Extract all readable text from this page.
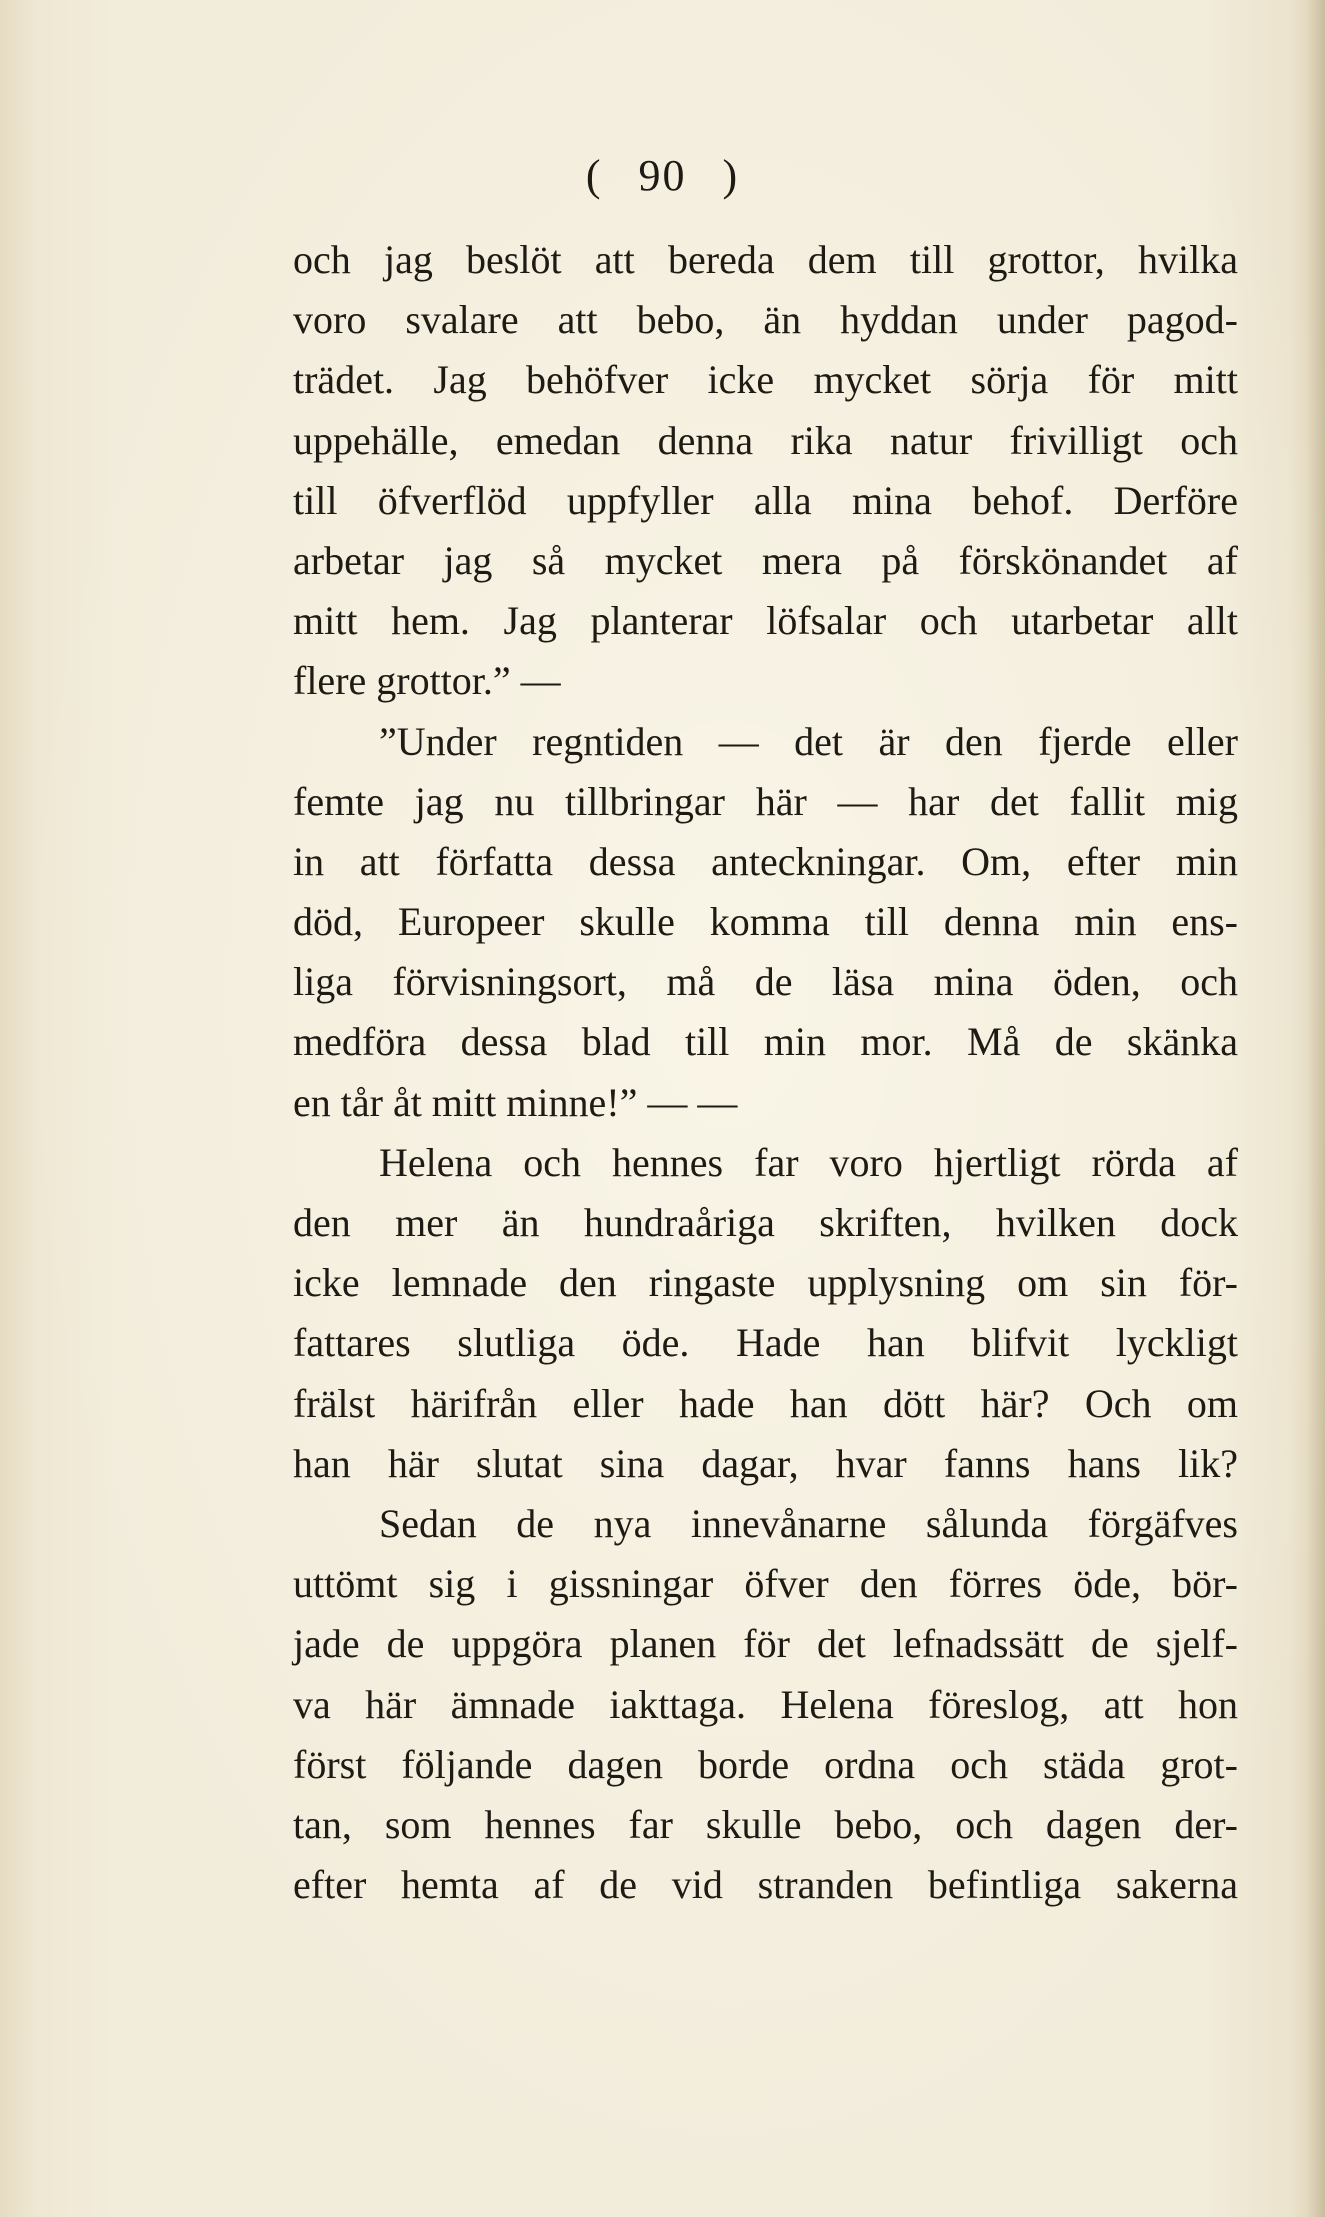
( 90 )
och jag beslöt att bereda dem till grottor, hvilka
voro svalare att bebo, än hyddan under pagod-
trädet. Jag behöfver icke mycket sörja för mitt
uppehälle, emedan denna rika natur frivilligt och
till öfverflöd uppfyller alla mina behof. Derföre
arbetar jag så mycket mera på förskönandet af
mitt hem. Jag planterar löfsalar och utarbetar allt
flere grottor.” —
”Under regntiden — det är den fjerde eller
femte jag nu tillbringar här — har det fallit mig
in att författa dessa anteckningar. Om, efter min
död, Europeer skulle komma till denna min ens-
liga förvisningsort, må de läsa mina öden, och
medföra dessa blad till min mor. Må de skänka
en tår åt mitt minne!” — —
Helena och hennes far voro hjertligt rörda af
den mer än hundraåriga skriften, hvilken dock
icke lemnade den ringaste upplysning om sin för-
fattares slutliga öde. Hade han blifvit lyckligt
frälst härifrån eller hade han dött här? Och om
han här slutat sina dagar, hvar fanns hans lik?
Sedan de nya innevånarne sålunda förgäfves
uttömt sig i gissningar öfver den förres öde, bör-
jade de uppgöra planen för det lefnadssätt de sjelf-
va här ämnade iakttaga. Helena föreslog, att hon
först följande dagen borde ordna och städa grot-
tan, som hennes far skulle bebo, och dagen der-
efter hemta af de vid stranden befintliga sakerna
